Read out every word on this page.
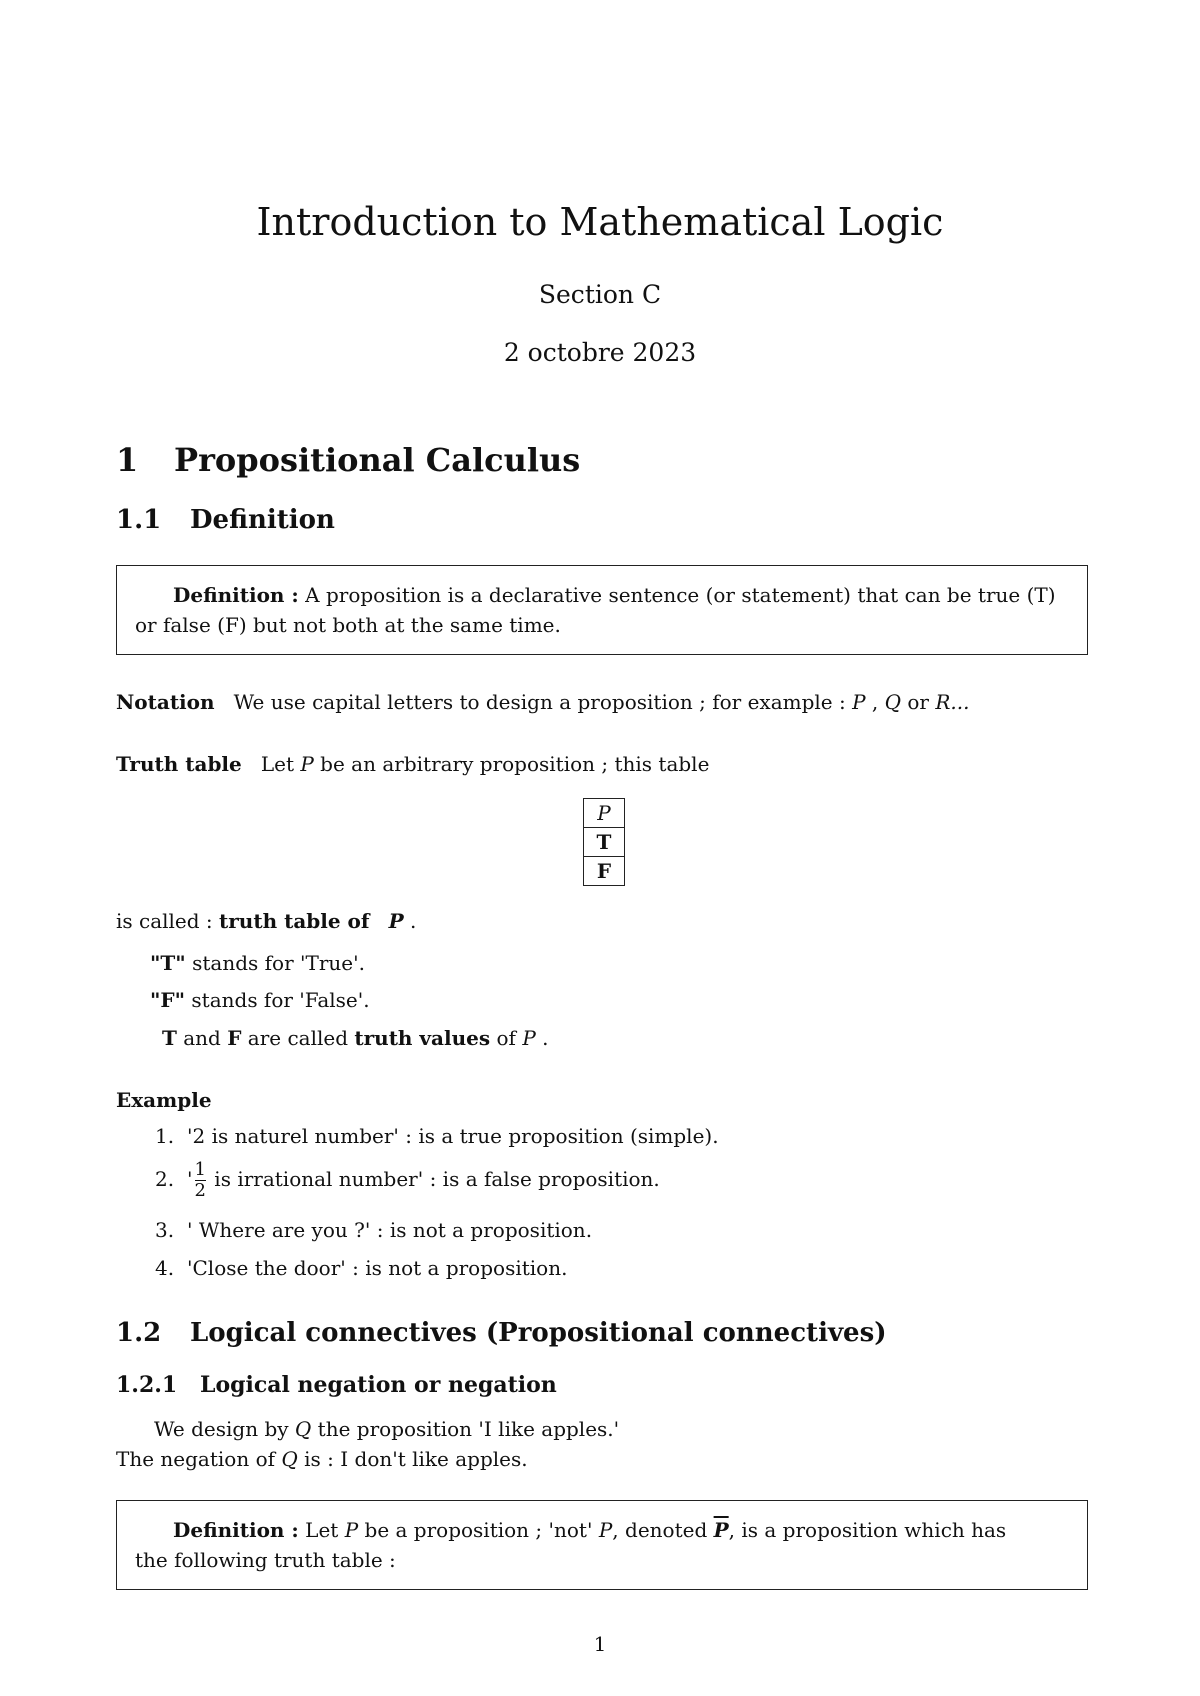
Introduction to Mathematical Logic
Section C
2 octobre 2023
1 Propositional Calculus
1.1 Definition
Definition : A proposition is a declarative sentence (or statement) that can be true (T)
or false (F) but not both at the same time.
Notation We use capital letters to design a proposition ; for example : P , Q or R...
Truth table Let P be an arbitrary proposition ; this table
P
T
F
is called : truth table of P .
"T" stands for 'True'.
"F" stands for 'False'.
T and F are called truth values of P .
Example
1. '2 is naturel number' : is a true proposition (simple).
2. ' $\frac{1}{2}$ is irrational number' : is a false proposition.
3. ' Where are you ?' : is not a proposition.
4. 'Close the door' : is not a proposition.
1.2 Logical connectives (Propositional connectives)
1.2.1 Logical negation or negation
We design by Q the proposition 'I like apples.'
The negation of Q is : I don't like apples.
Definition : Let P be a proposition ; 'not' P, denoted $\overline{P}$, is a proposition which has
the following truth table :
1
